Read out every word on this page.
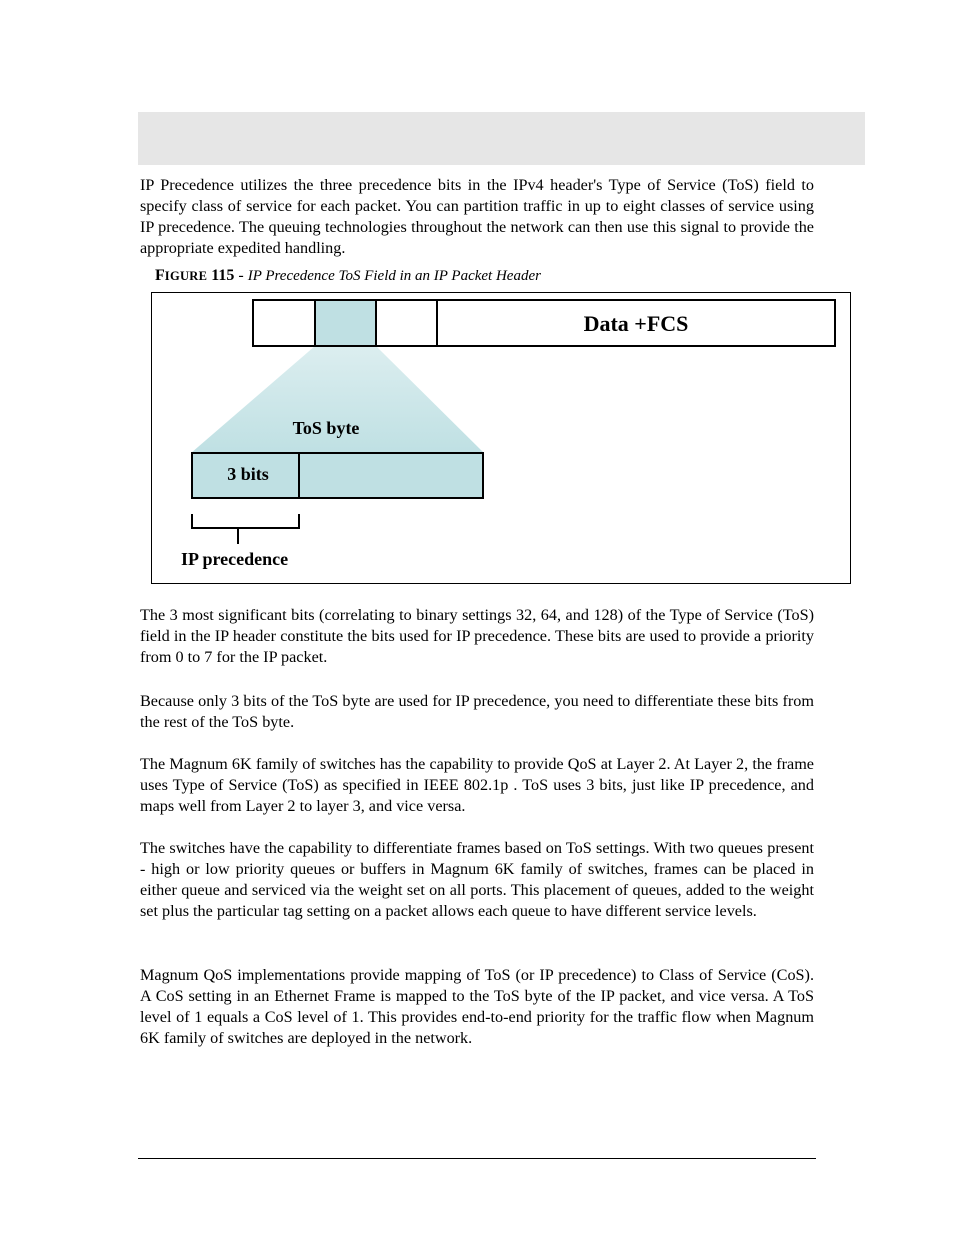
IP Precedence utilizes the three precedence bits in the IPv4 header's Type of Service (ToS) field to specify class of service for each packet. You can partition traffic in up to eight classes of service using IP precedence. The queuing technologies throughout the network can then use this signal to provide the appropriate expedited handling.

FIGURE 115 - IP Precedence ToS Field in an IP Packet Header
Data +FCS
ToS byte
3 bits
IP precedence

The 3 most significant bits (correlating to binary settings 32, 64, and 128) of the Type of Service (ToS) field in the IP header constitute the bits used for IP precedence. These bits are used to provide a priority from 0 to 7 for the IP packet.

Because only 3 bits of the ToS byte are used for IP precedence, you need to differentiate these bits from the rest of the ToS byte.

The Magnum 6K family of switches has the capability to provide QoS at Layer 2. At Layer 2, the frame uses Type of Service (ToS) as specified in IEEE 802.1p . ToS uses 3 bits, just like IP precedence, and maps well from Layer 2 to layer 3, and vice versa.

The switches have the capability to differentiate frames based on ToS settings. With two queues present - high or low priority queues or buffers in Magnum 6K family of switches, frames can be placed in either queue and serviced via the weight set on all ports. This placement of queues, added to the weight set plus the particular tag setting on a packet allows each queue to have different service levels.

Magnum QoS implementations provide mapping of ToS (or IP precedence) to Class of Service (CoS). A CoS setting in an Ethernet Frame is mapped to the ToS byte of the IP packet, and vice versa. A ToS level of 1 equals a CoS level of 1. This provides end-to-end priority for the traffic flow when Magnum 6K family of switches are deployed in the network.
